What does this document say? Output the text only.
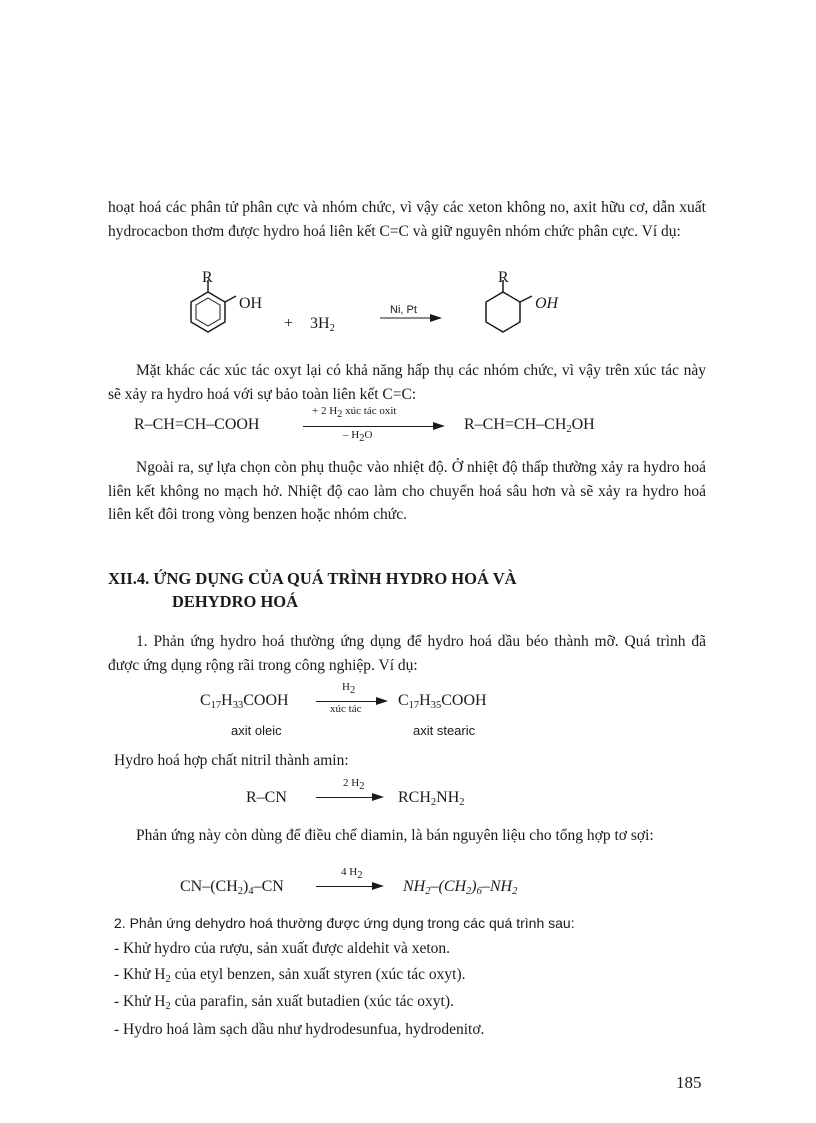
hoạt hoá các phân tử phân cực và nhóm chức, vì vậy các xeton không no, axit hữu cơ, dẫn xuất hydrocacbon thơm được hydro hoá liên kết C=C và giữ nguyên nhóm chức phân cực. Ví dụ:
R
OH
+ $3H_2$
Ni, Pt
R
OH
Mặt khác các xúc tác oxyt lại có khả năng hấp thụ các nhóm chức, vì vậy trên xúc tác này sẽ xảy ra hydro hoá với sự bảo toàn liên kết C=C:
R–CH=CH–COOH
+ 2 $H_2$ xúc tác oxit
– $H_2O$
$R-CH=CH-CH_2OH$
Ngoài ra, sự lựa chọn còn phụ thuộc vào nhiệt độ. Ở nhiệt độ thấp thường xảy ra hydro hoá liên kết không no mạch hở. Nhiệt độ cao làm cho chuyển hoá sâu hơn và sẽ xảy ra hydro hoá liên kết đôi trong vòng benzen hoặc nhóm chức.
XII.4. ỨNG DỤNG CỦA QUÁ TRÌNH HYDRO HOÁ VÀ
DEHYDRO HOÁ
1. Phản ứng hydro hoá thường ứng dụng để hydro hoá dầu béo thành mỡ. Quá trình đã được ứng dụng rộng rãi trong công nghiệp. Ví dụ:
$C_{17}H_{33}COOH$
$H_2$
xúc tác $C_{17}H_{35}COOH$
axit oleic	axit stearic
Hydro hoá hợp chất nitril thành amin:
R–CN
2 $H_2$
$RCH_2NH_2$
Phản ứng này còn dùng để điều chế diamin, là bán nguyên liệu cho tổng hợp tơ sợi:
$CN-(CH_2)_4-CN$
4 $H_2$
$NH_2-(CH_2)_6-NH_2$
2. Phản ứng dehydro hoá thường được ứng dụng trong các quá trình sau:
- Khử hydro của rượu, sản xuất được aldehit và xeton.
- Khử $H_2$ của etyl benzen, sản xuất styren (xúc tác oxyt).
- Khử $H_2$ của parafin, sản xuất butadien (xúc tác oxyt).
- Hydro hoá làm sạch dầu như hydrodesunfua, hydrodenitơ.
185
